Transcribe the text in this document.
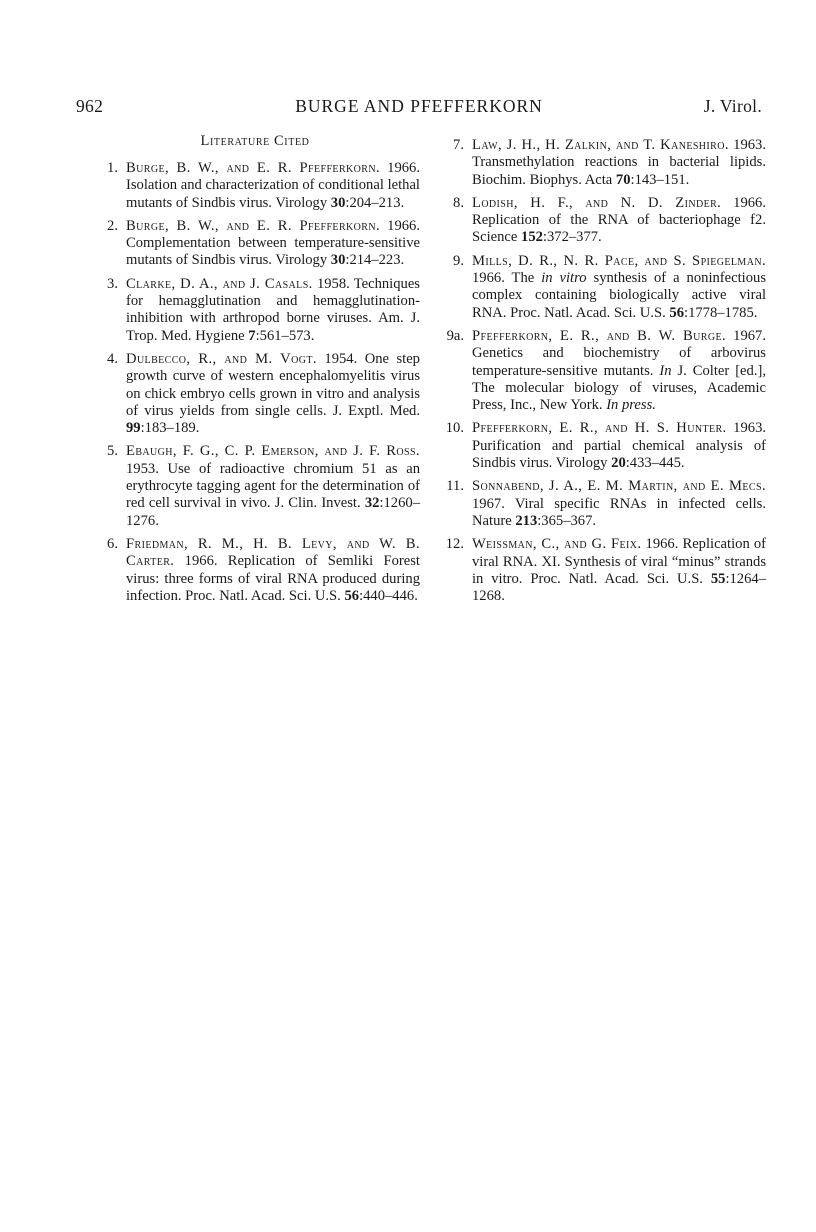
962	BURGE AND PFEFFERKORN	J. Virol.
Literature Cited
1. Burge, B. W., and E. R. Pfefferkorn. 1966. Isolation and characterization of conditional lethal mutants of Sindbis virus. Virology 30:204–213.
2. Burge, B. W., and E. R. Pfefferkorn. 1966. Complementation between temperature-sensitive mutants of Sindbis virus. Virology 30:214–223.
3. Clarke, D. A., and J. Casals. 1958. Techniques for hemagglutination and hemagglutination-inhibition with arthropod borne viruses. Am. J. Trop. Med. Hygiene 7:561–573.
4. Dulbecco, R., and M. Vogt. 1954. One step growth curve of western encephalomyelitis virus on chick embryo cells grown in vitro and analysis of virus yields from single cells. J. Exptl. Med. 99:183–189.
5. Ebaugh, F. G., C. P. Emerson, and J. F. Ross. 1953. Use of radioactive chromium 51 as an erythrocyte tagging agent for the determination of red cell survival in vivo. J. Clin. Invest. 32:1260–1276.
6. Friedman, R. M., H. B. Levy, and W. B. Carter. 1966. Replication of Semliki Forest virus: three forms of viral RNA produced during infection. Proc. Natl. Acad. Sci. U.S. 56:440–446.
7. Law, J. H., H. Zalkin, and T. Kaneshiro. 1963. Transmethylation reactions in bacterial lipids. Biochim. Biophys. Acta 70:143–151.
8. Lodish, H. F., and N. D. Zinder. 1966. Replication of the RNA of bacteriophage f2. Science 152:372–377.
9. Mills, D. R., N. R. Pace, and S. Spiegelman. 1966. The in vitro synthesis of a noninfectious complex containing biologically active viral RNA. Proc. Natl. Acad. Sci. U.S. 56:1778–1785.
9a. Pfefferkorn, E. R., and B. W. Burge. 1967. Genetics and biochemistry of arbovirus temperature-sensitive mutants. In J. Colter [ed.], The molecular biology of viruses, Academic Press, Inc., New York. In press.
10. Pfefferkorn, E. R., and H. S. Hunter. 1963. Purification and partial chemical analysis of Sindbis virus. Virology 20:433–445.
11. Sonnabend, J. A., E. M. Martin, and E. Mecs. 1967. Viral specific RNAs in infected cells. Nature 213:365–367.
12. Weissman, C., and G. Feix. 1966. Replication of viral RNA. XI. Synthesis of viral “minus” strands in vitro. Proc. Natl. Acad. Sci. U.S. 55:1264–1268.
